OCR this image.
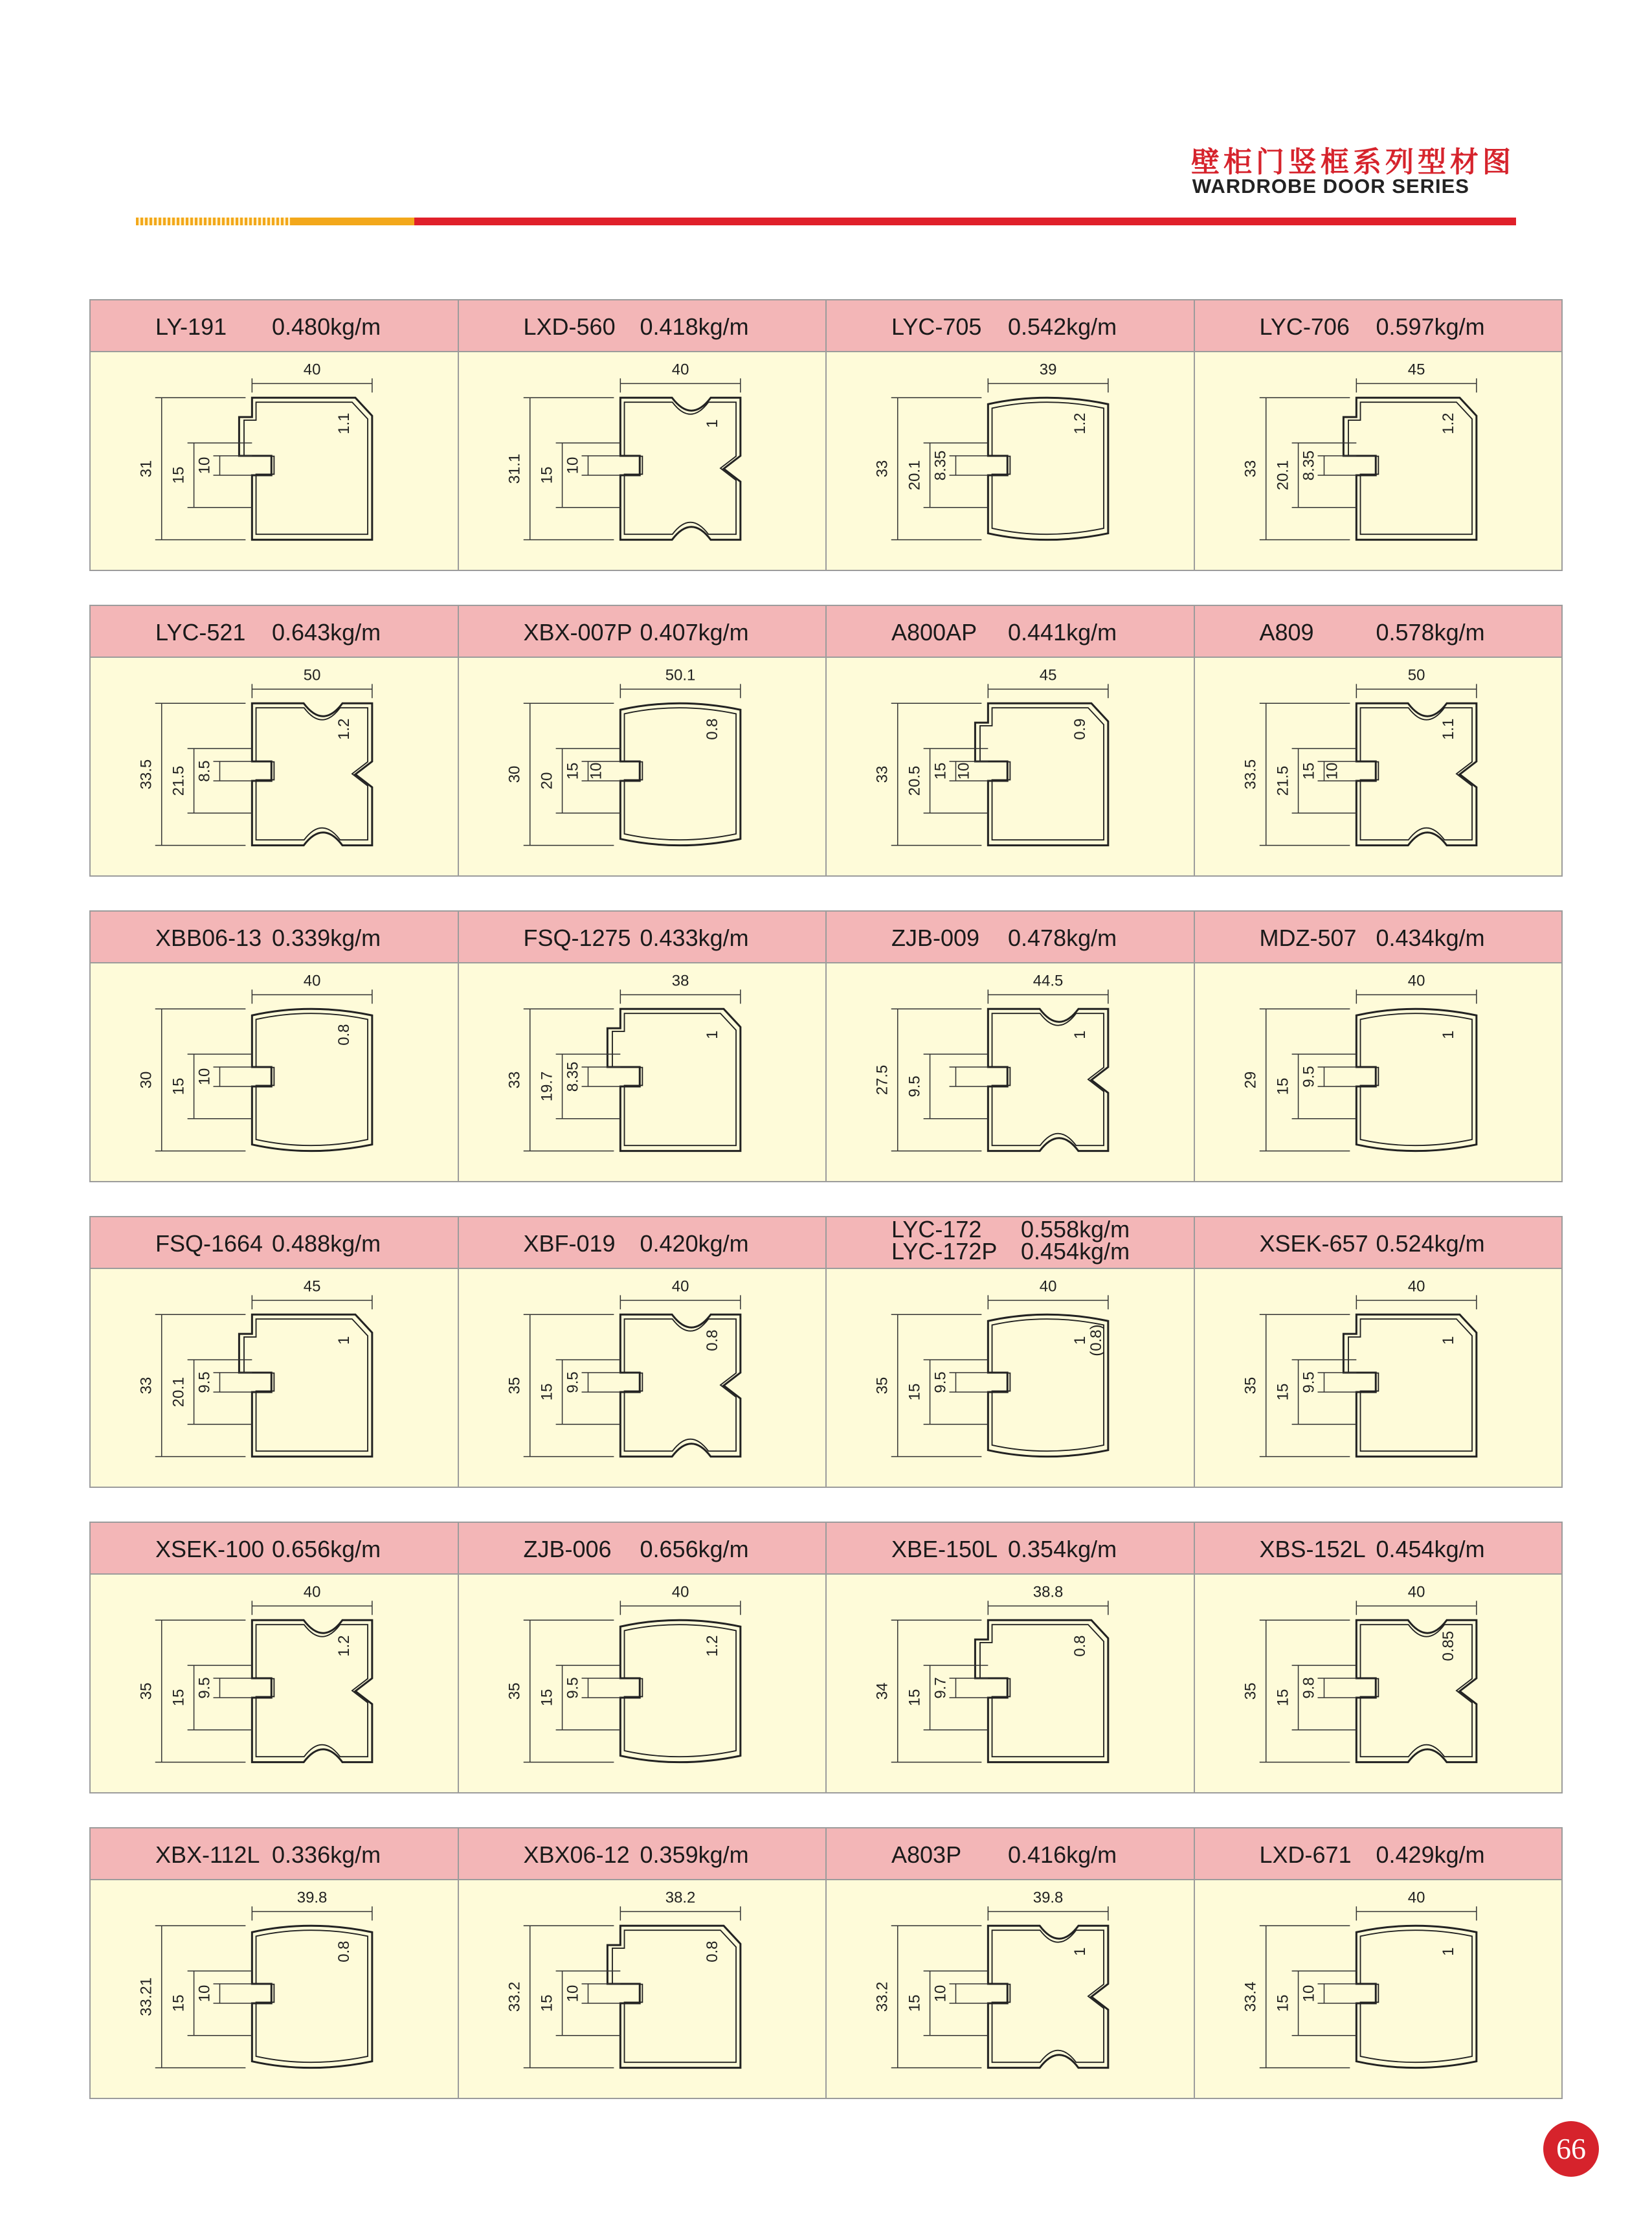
壁柜门竖框系列型材图
WARDROBE DOOR SERIES
LY-191 0.480kg/m
40
31 15
10
1.1
LXD-560 0.418kg/m
40
31.1 15
10
1
LYC-705 0.542kg/m
39
33 20.1 8.35
1.2
LYC-706 0.597kg/m
45
33 20.1 8.35
1.2
LYC-521 0.643kg/m
50
33.5 21.5 8.5
1.2
XBX-007P 0.407kg/m
50.1
30 20
15 10
0.8
A800AP 0.441kg/m
45
33 20.5 15 10
0.9
A809	0.578kg/m
50
33.5 21.5 15 10
1.1
XBB06-13 0.339kg/m
40
30 15
10
0.8
FSQ-1275 0.433kg/m
38
33 19.7 8.35
1
ZJB-009 0.478kg/m
44.5
27.5 9.5
1
MDZ-507 0.434kg/m
40
29 15 9.5
1
FSQ-1664 0.488kg/m
45
33 20.1 9.5
1
XBF-019 0.420kg/m
40
35 15 9.5
0.8
LYC-172
LYC-172P
0.558kg/m
0.454kg/m
40
35 15 9.5
1
(0.8)
XSEK-657 0.524kg/m
40
35 15 9.5
1
XSEK-100 0.656kg/m
40
35 15 9.5
1.2
ZJB-006 0.656kg/m
40
35 15 9.5
1.2
XBE-150L 0.354kg/m
38.8
34 15 9.7
0.8
XBS-152L 0.454kg/m
40
35 15 9.8
0.85
XBX-112L 0.336kg/m
39.8
33.21 15
10
0.8
XBX06-12 0.359kg/m
38.2
33.2 15
10
0.8
A803P 0.416kg/m
39.8
33.2 15
10
1
LXD-671 0.429kg/m
40
33.4 15
10
1
66
